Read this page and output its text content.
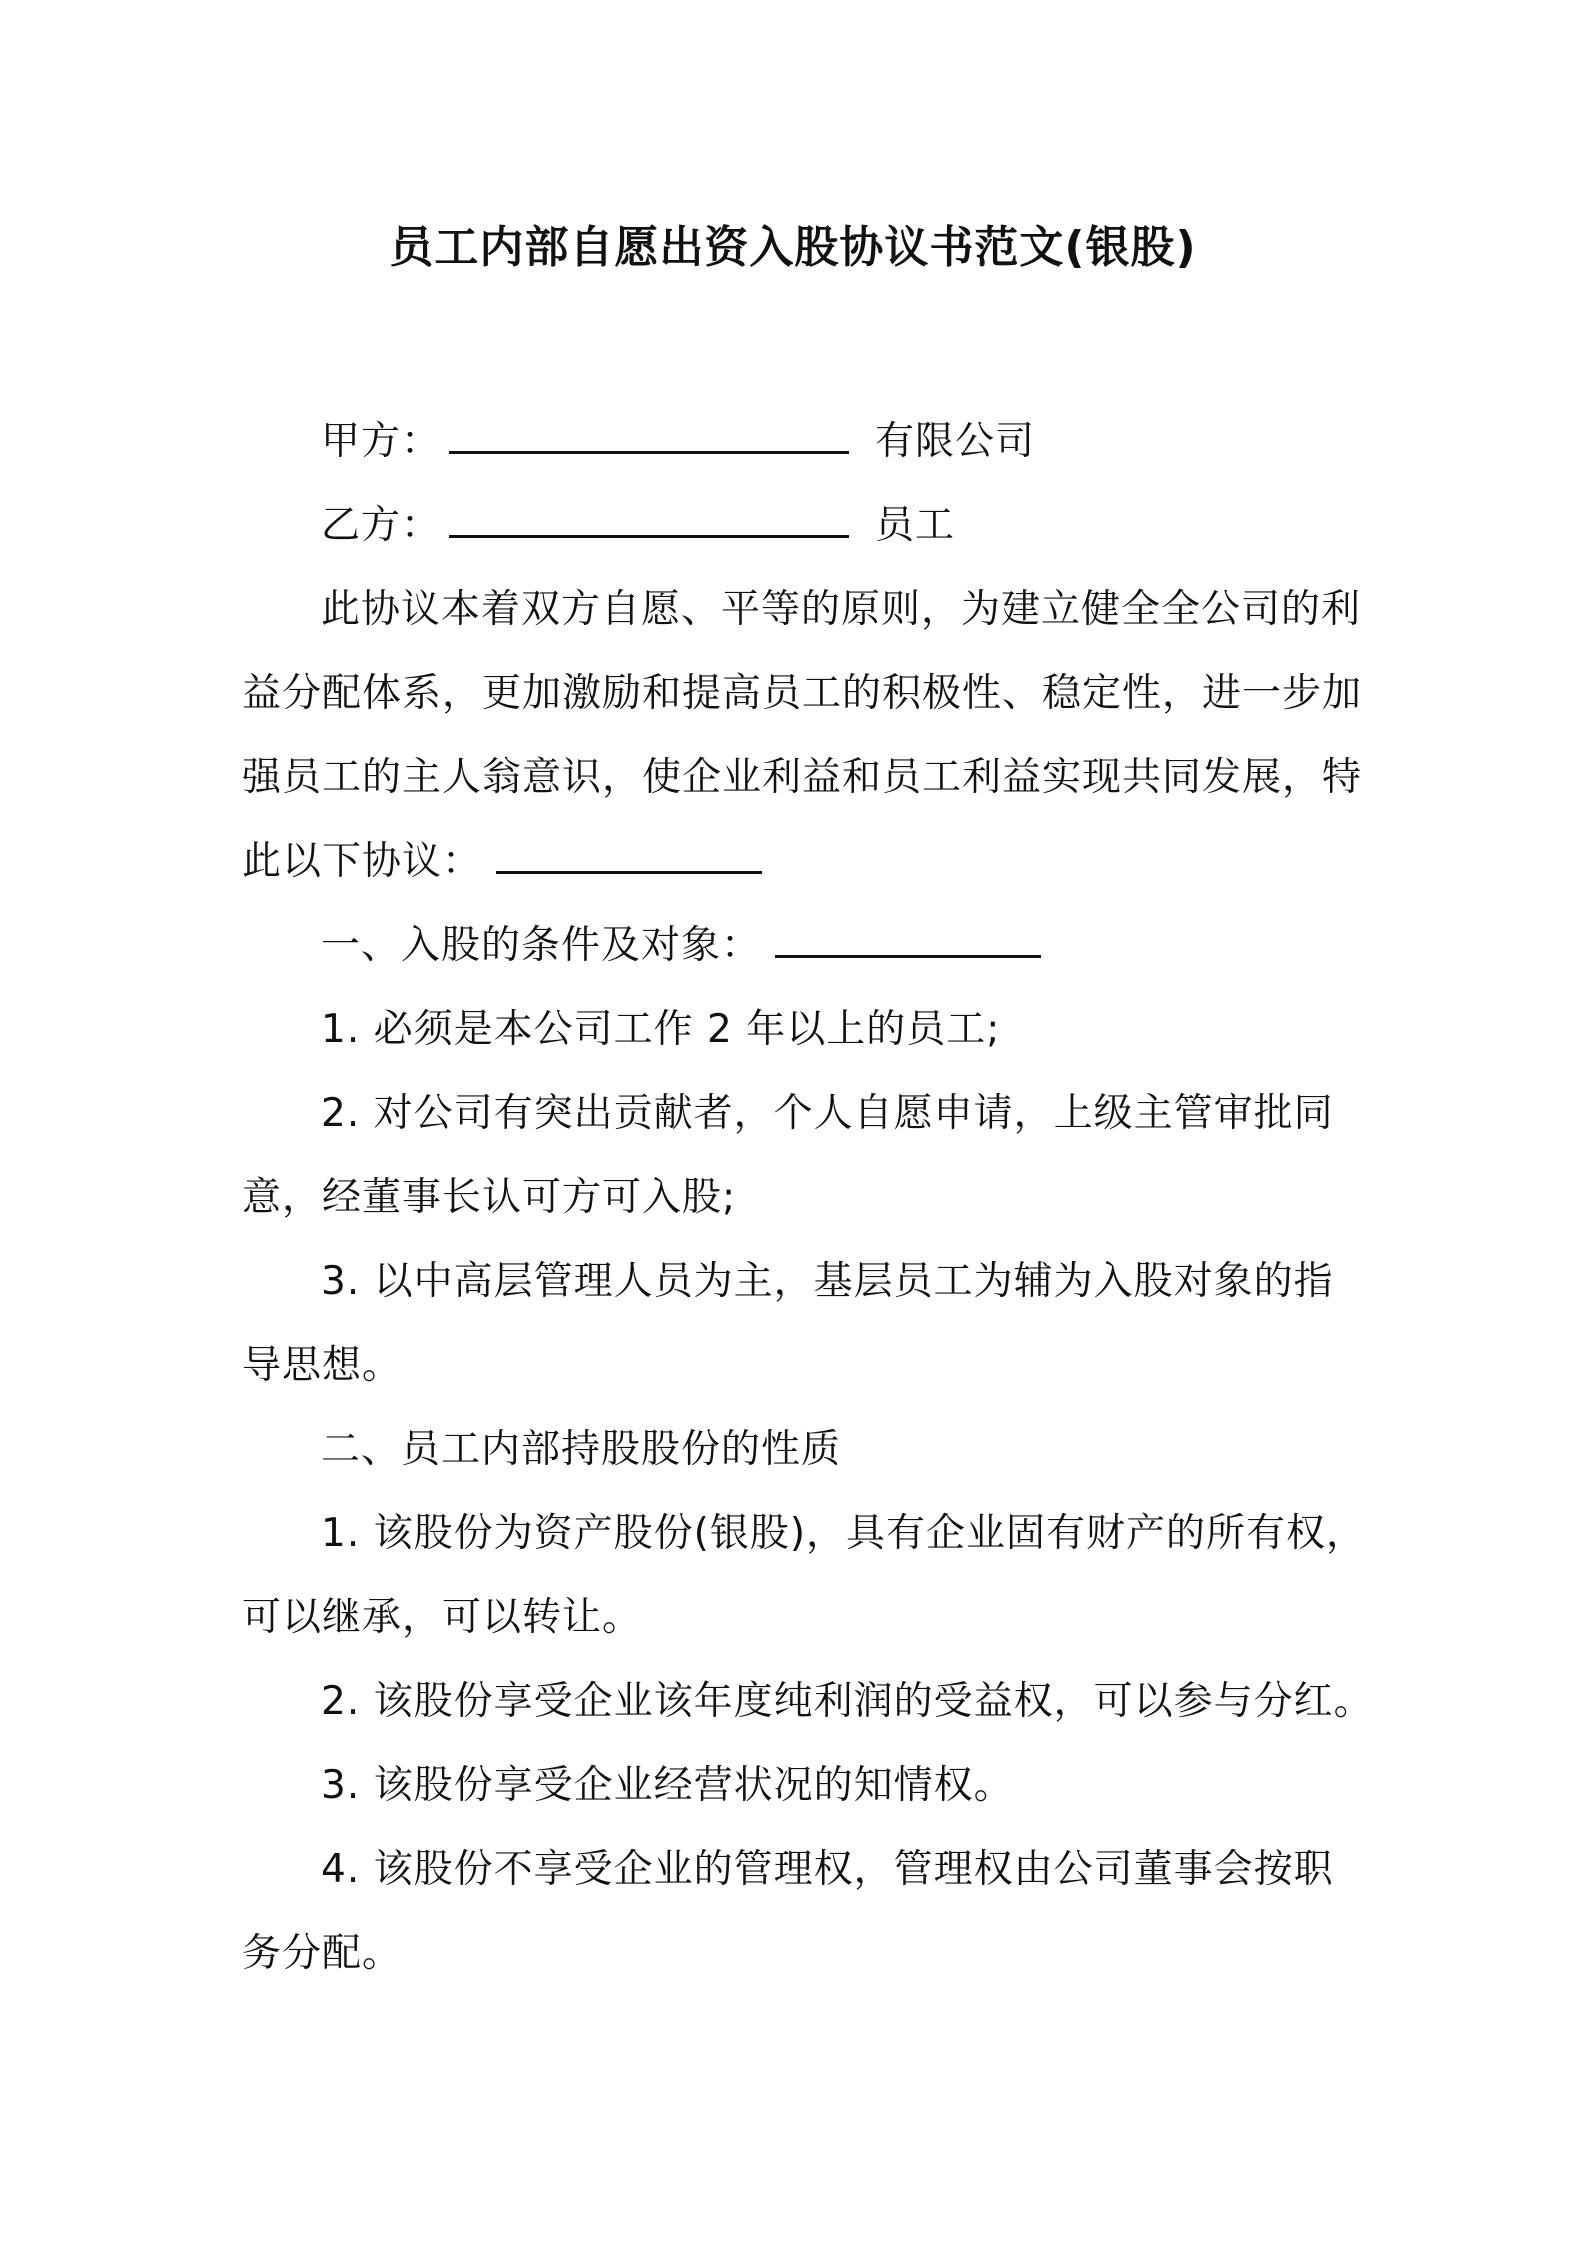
员工内部自愿出资入股协议书范文(银股)
甲方：	有限公司
乙方：	员工
此协议本着双方自愿、平等的原则，为建立健全全公司的利
益分配体系，更加激励和提高员工的积极性、稳定性，进一步加
强员工的主人翁意识，使企业利益和员工利益实现共同发展，特
此以下协议：
一、入股的条件及对象：
1. 必须是本公司工作 2 年以上的员工;
2. 对公司有突出贡献者，个人自愿申请，上级主管审批同
意，经董事长认可方可入股;
3. 以中高层管理人员为主，基层员工为辅为入股对象的指
导思想。
二、员工内部持股股份的性质
1. 该股份为资产股份(银股)，具有企业固有财产的所有权，
可以继承，可以转让。
2. 该股份享受企业该年度纯利润的受益权，可以参与分红。
3. 该股份享受企业经营状况的知情权。
4. 该股份不享受企业的管理权，管理权由公司董事会按职
务分配。
